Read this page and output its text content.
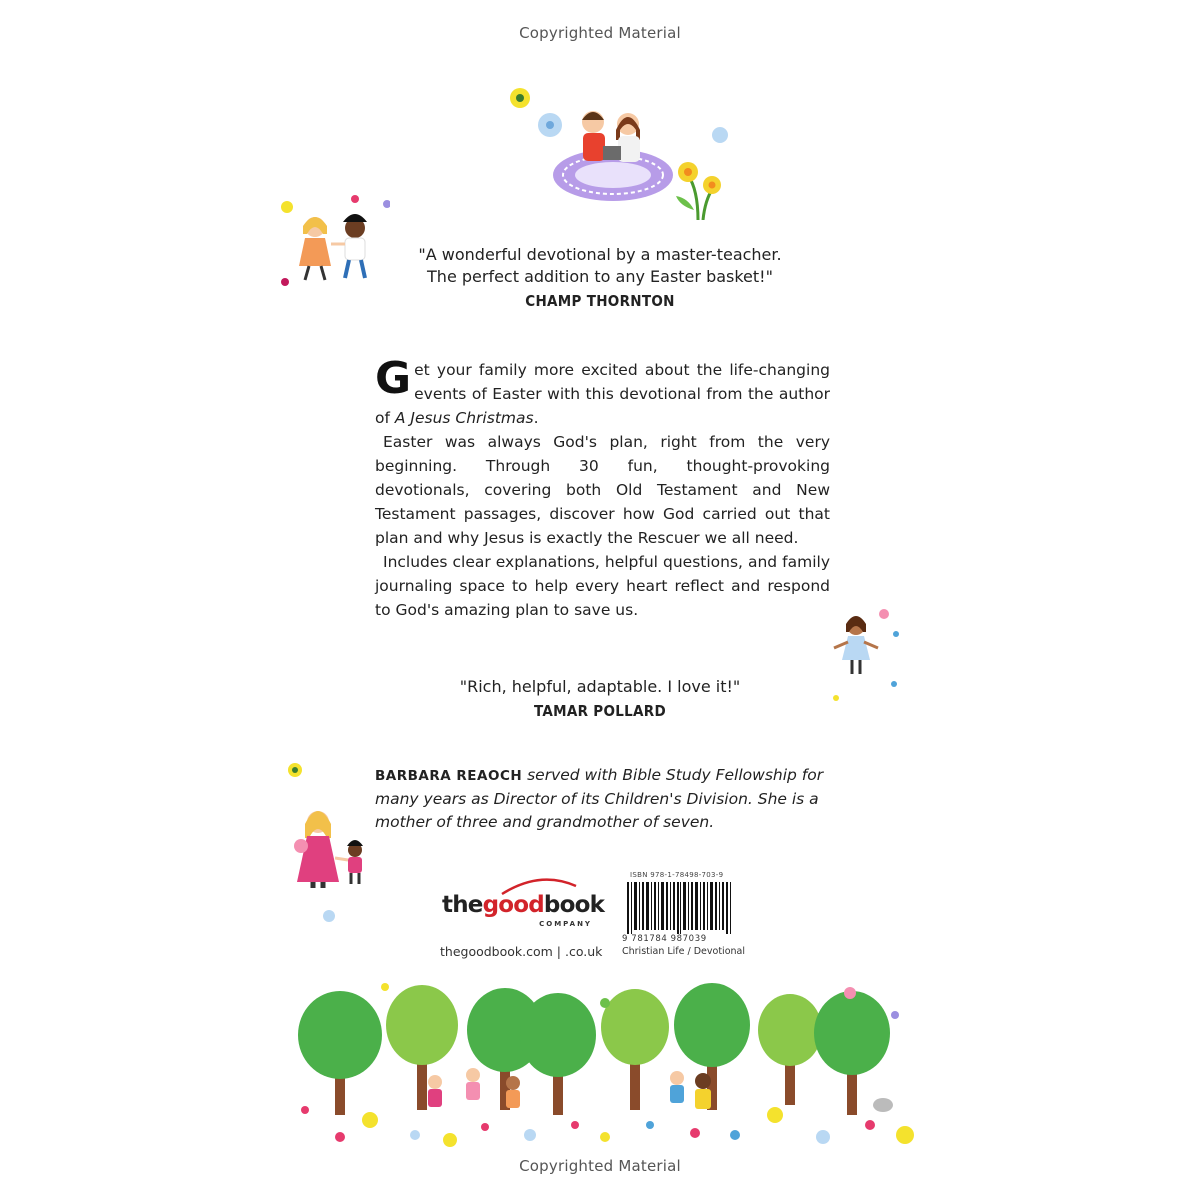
Copyrighted Material
Copyrighted Material
"A wonderful devotional by a master-teacher.
The perfect addition to any Easter basket!"
CHAMP THORNTON

Get your family more excited about the life-changing events of Easter with this devotional from the author of A Jesus Christmas.

Easter was always God's plan, right from the very beginning. Through 30 fun, thought-provoking devotionals, covering both Old Testament and New Testament passages, discover how God carried out that plan and why Jesus is exactly the Rescuer we all need.

Includes clear explanations, helpful questions, and family journaling space to help every heart reflect and respond to God's amazing plan to save us.

"Rich, helpful, adaptable. I love it!"
TAMAR POLLARD
BARBARA REAOCH served with Bible Study Fellowship for many years as Director of its Children's Division. She is a mother of three and grandmother of seven.
thegoodbook
COMPANY
thegoodbook.com | .co.uk
ISBN 978-1-78498-703-9
9 781784 987039
Christian Life / Devotional
